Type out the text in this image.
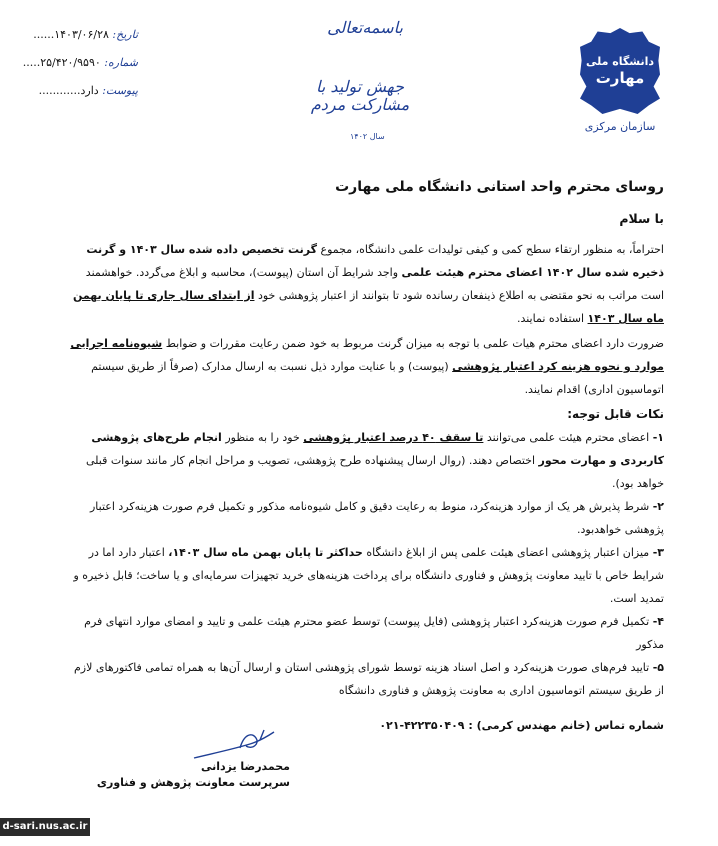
دانشگاه ملی
مهارت
سازمان مرکزی
باسمه‌تعالی
جهش تولید با مشارکت مردم
سال ۱۴۰۲
تاریخ: ۱۴۰۳/۰۶/۲۸......
شماره: ۲۵/۴۲۰/۹۵۹۰.....
پیوست: دارد............
روسای محترم واحد استانی دانشگاه ملی مهارت
با سلام

احتراماً، به منظور ارتقاء سطح کمی و کیفی تولیدات علمی دانشگاه، مجموع گرنت تخصیص داده شده سال ۱۴۰۳ و گرنت ذخیره شده سال ۱۴۰۲ اعضای محترم هیئت علمی واجد شرایط آن استان (پیوست)، محاسبه و ابلاغ می‌گردد. خواهشمند است مراتب به نحو مقتضی به اطلاع ذینفعان رسانده شود تا بتوانند از اعتبار پژوهشی خود از ابتدای سال جاری تا پایان بهمن ماه سال ۱۴۰۳ استفاده نمایند.

ضرورت دارد اعضای محترم هیات علمی با توجه به میزان گرنت مربوط به خود ضمن رعایت مقررات و ضوابط شیوه‌نامه اجرایی موارد و نحوه هزینه کرد اعتبار پژوهشی (پیوست) و با عنایت موارد ذیل نسبت به ارسال مدارک (صرفاً از طریق سیستم اتوماسیون اداری) اقدام نمایند.

نکات قابل توجه:

۱- اعضای محترم هیئت علمی می‌توانند تا سقف ۴۰ درصد اعتبار پژوهشی خود را به منظور انجام طرح‌های پژوهشی کاربردی و مهارت محور اختصاص دهند. (روال ارسال پیشنهاده طرح پژوهشی، تصویب و مراحل انجام کار مانند سنوات قبلی خواهد بود).

۲- شرط پذیرش هر یک از موارد هزینه‌کرد، منوط به رعایت دقیق و کامل شیوه‌نامه مذکور و تکمیل فرم صورت هزینه‌کرد اعتبار پژوهشی خواهد‌بود.

۳- میزان اعتبار پژوهشی اعضای هیئت علمی پس از ابلاغ دانشگاه حداکثر تا پایان بهمن ماه سال ۱۴۰۳، اعتبار دارد اما در شرایط خاص با تایید معاونت پژوهش و فناوری دانشگاه برای پرداخت هزینه‌های خرید تجهیزات سرمایه‌ای و یا ساخت؛ قابل ذخیره و تمدید است.

۴- تکمیل فرم صورت هزینه‌کرد اعتبار پژوهشی (فایل پیوست) توسط عضو محترم هیئت علمی و تایید و امضای موارد انتهای فرم مذکور

۵- تایید فرم‌های صورت هزینه‌کرد و اصل اسناد هزینه توسط شورای پژوهشی استان و ارسال آن‌ها به همراه تمامی فاکتورهای لازم از طریق سیستم اتوماسیون اداری به معاونت پژوهش و فناوری دانشگاه

شماره تماس (خانم مهندس کرمی) : ۴۲۲۳۵۰۴۰۹-۰۲۱
محمدرضا یزدانی
سرپرست معاونت پژوهش و فناوری
d-sari.nus.ac.ir
